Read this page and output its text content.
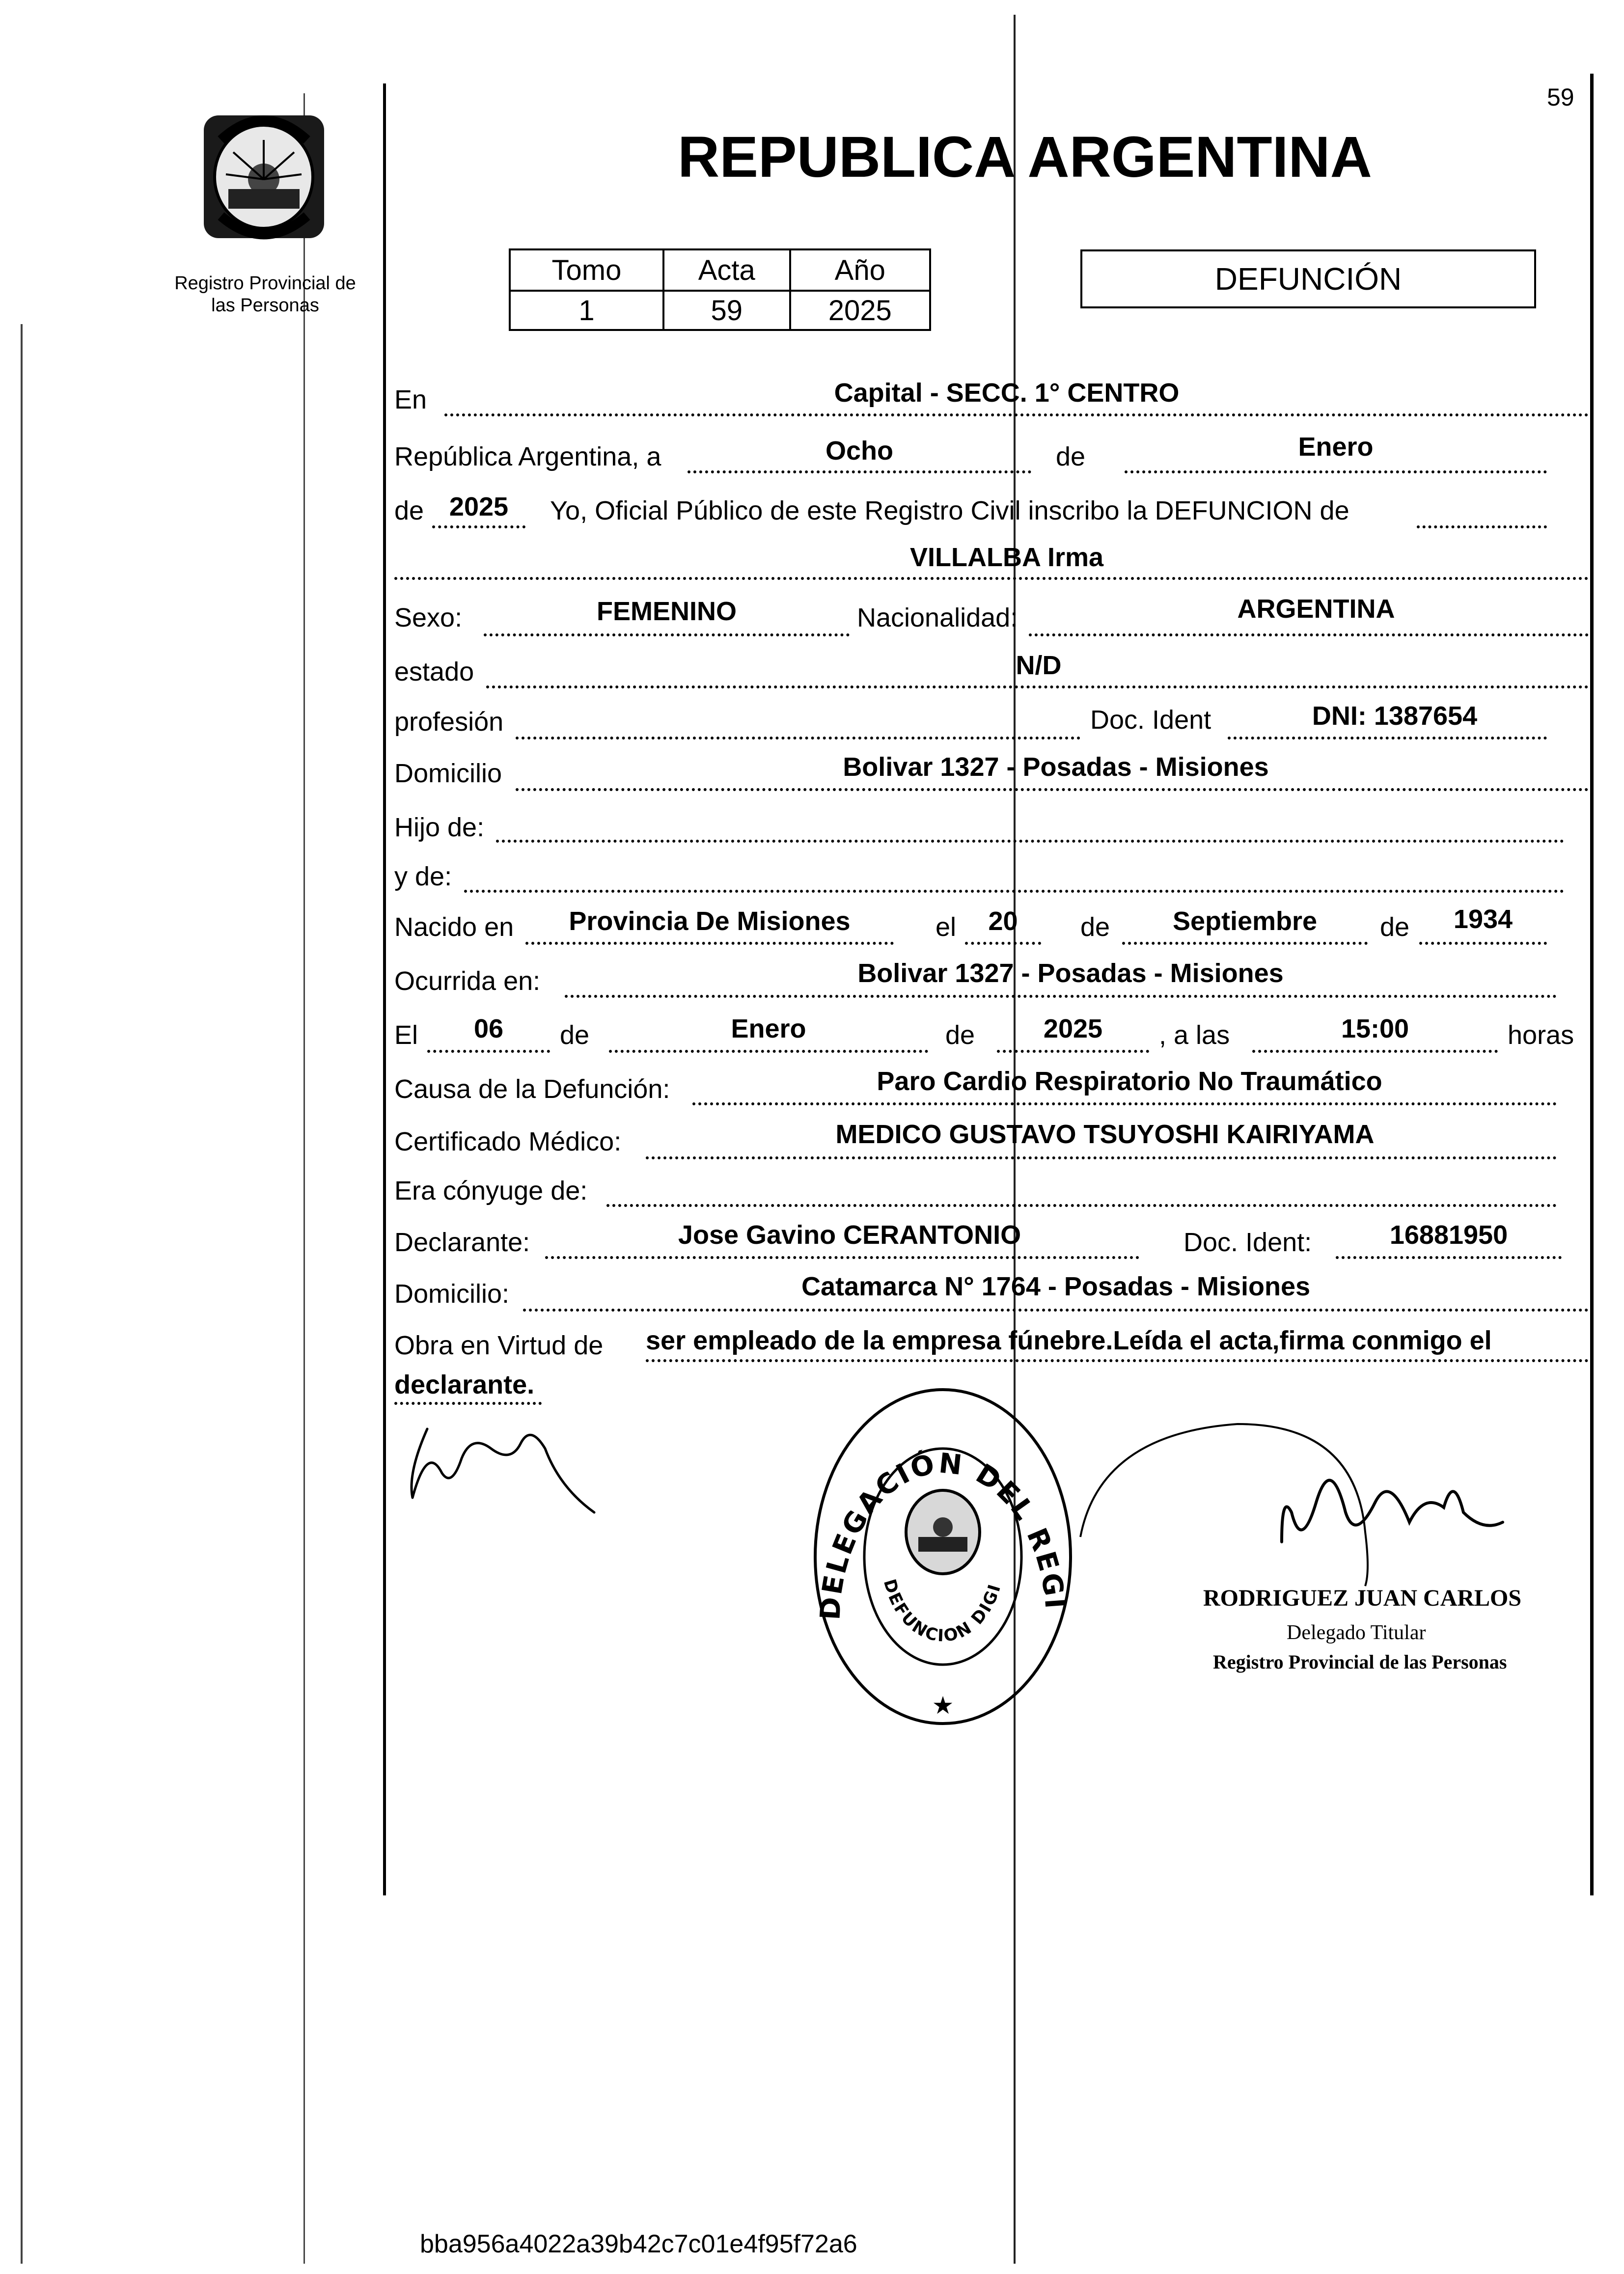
59
Registro Provincial de
las Personas
REPUBLICA ARGENTINA
Tomo	Acta	Año
1	59	2025
DEFUNCIÓN
En	Capital - SECC. 1° CENTRO
República Argentina, a	Ocho	de	Enero
de 2025	Yo, Oficial Público de este Registro Civil inscribo la DEFUNCION de
VILLALBA Irma
Sexo:	FEMENINO	Nacionalidad:	ARGENTINA
estado	N/D
profesión	Doc. Ident	DNI: 1387654
Domicilio	Bolivar 1327 - Posadas - Misiones
Hijo de:
y de:
Nacido en	Provincia De Misiones	el	20	de	Septiembre	de	1934
Ocurrida en:	Bolivar 1327 - Posadas - Misiones
El	06	de	Enero	de	2025	, a las	15:00	horas
Causa de la Defunción:	Paro Cardio Respiratorio No Traumático
Certificado Médico:	MEDICO GUSTAVO TSUYOSHI KAIRIYAMA
Era cónyuge de:
Declarante:	Jose Gavino CERANTONIO	Doc. Ident:	16881950
Domicilio:	Catamarca N° 1764 - Posadas - Misiones
Obra en Virtud de ser empleado de la empresa fúnebre.Leída el acta,firma conmigo el
declarante.
DELEGACIÓN DEL REGI
DEFUNCION DIGI
★
RODRIGUEZ JUAN CARLOS
Delegado Titular
Registro Provincial de las Personas
bba956a4022a39b42c7c01e4f95f72a6
